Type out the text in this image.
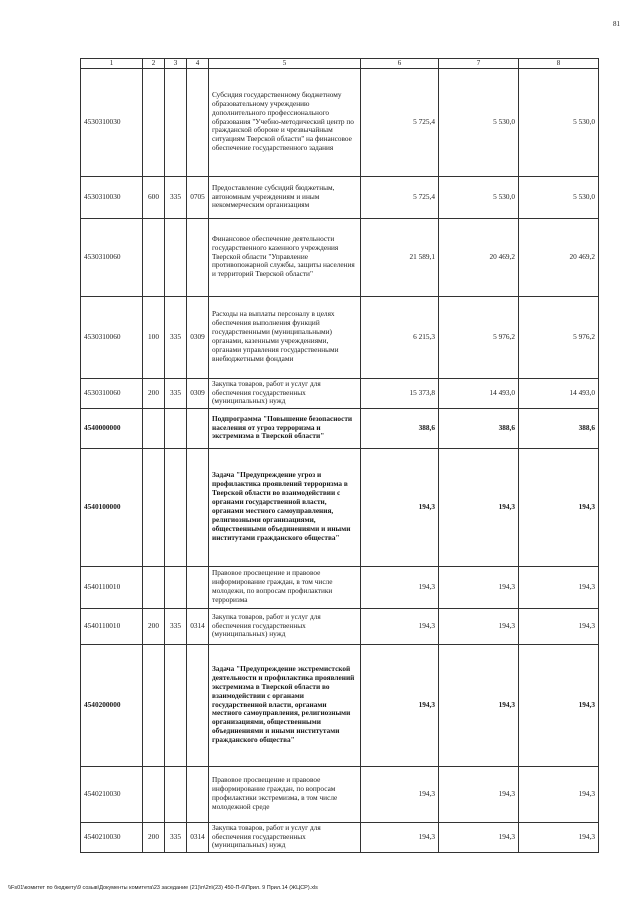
81
1	2	3	4	5	6	7	8
4530310030				Субсидия государственному бюджетному образовательному учреждению дополнительного профессионального образования "Учебно-методический центр по гражданской обороне и чрезвычайным ситуациям Тверской области" на финансовое обеспечение государственного задания	5 725,4	5 530,0	5 530,0
4530310030	600	335	0705	Предоставление субсидий бюджетным, автономным учреждениям и иным некоммерческим организациям	5 725,4	5 530,0	5 530,0
4530310060				Финансовое обеспечение деятельности государственного казенного учреждения Тверской области "Управление противопожарной службы, защиты населения и территорий Тверской области"	21 589,1	20 469,2	20 469,2
4530310060	100	335	0309	Расходы на выплаты персоналу в целях обеспечения выполнения функций государственными (муниципальными) органами, казенными учреждениями, органами управления государственными внебюджетными фондами	6 215,3	5 976,2	5 976,2
4530310060	200	335	0309	Закупка товаров, работ и услуг для обеспечения государственных (муниципальных) нужд	15 373,8	14 493,0	14 493,0
4540000000				Подпрограмма "Повышение безопасности населения от угроз терроризма и экстремизма в Тверской области"	388,6	388,6	388,6
4540100000				Задача "Предупреждение угроз и профилактика проявлений терроризма в Тверской области во взаимодействии с органами государственной власти, органами местного самоуправления, религиозными организациями, общественными объединениями и иными институтами гражданского общества"	194,3	194,3	194,3
4540110010				Правовое просвещение и правовое информирование граждан, в том числе молодежи, по вопросам профилактики терроризма	194,3	194,3	194,3
4540110010	200	335	0314	Закупка товаров, работ и услуг для обеспечения государственных (муниципальных) нужд	194,3	194,3	194,3
4540200000				Задача "Предупреждение экстремистской деятельности и профилактика проявлений экстремизма в Тверской области во взаимодействии с органами государственной власти, органами местного самоуправления, религиозными организациями, общественными объединениями и иными институтами гражданского общества"	194,3	194,3	194,3
4540210030				Правовое просвещение и правовое информирование граждан, по вопросам профилактики экстремизма, в том числе молодежной среде	194,3	194,3	194,3
4540210030	200	335	0314	Закупка товаров, работ и услуг для обеспечения государственных (муниципальных) нужд	194,3	194,3	194,3
\\Fs01\комитет по бюджету\9 созыв\Документы комитета\23 заседание (21)\п\2п\(23) 450-П-6\Прил. 9 Прил.14 (ЖЦСР).xls
